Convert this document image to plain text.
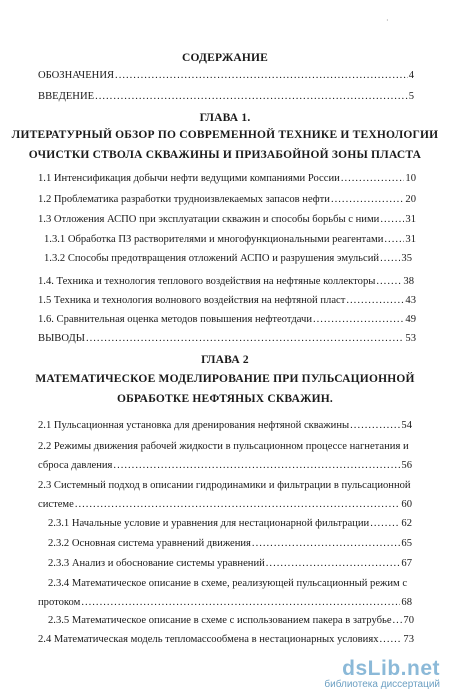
·
СОДЕРЖАНИЕ
ОБОЗНАЧЕНИЯ .....	4
ВВЕДЕНИЕ .....	5
ГЛАВА 1.
ЛИТЕРАТУРНЫЙ ОБЗОР ПО СОВРЕМЕННОЙ ТЕХНИКЕ И ТЕХНОЛОГИИ
ОЧИСТКИ СТВОЛА СКВАЖИНЫ И ПРИЗАБОЙНОЙ ЗОНЫ ПЛАСТА
1.1 Интенсификация добычи нефти ведущими компаниями России .....	10
1.2 Проблематика разработки трудноизвлекаемых запасов нефти .....	20
1.3 Отложения АСПО при эксплуатации скважин и способы борьбы с ними ..... 31
1.3.1 Обработка ПЗ растворителями и многофункциональными реагентами ..... 31
1.3.2 Способы предотвращения отложений АСПО и разрушения эмульсий ..... 35
1.4. Техника и технология теплового воздействия на нефтяные коллекторы .....	38
1.5 Техника и технология волнового воздействия на нефтяной пласт .....	43
1.6. Сравнительная оценка методов повышения нефтеотдачи .....	49
ВЫВОДЫ .....	53
ГЛАВА 2
МАТЕМАТИЧЕСКОЕ МОДЕЛИРОВАНИЕ ПРИ ПУЛЬСАЦИОННОЙ
ОБРАБОТКЕ НЕФТЯНЫХ СКВАЖИН.
2.1 Пульсационная установка для дренирования нефтяной скважины .....	54
2.2 Режимы движения рабочей жидкости в пульсационном процессе нагнетания и
сброса давления .....	56
2.3 Системный подход в описании гидродинамики и фильтрации в пульсационной
системе .....	60
2.3.1 Начальные условие и уравнения для нестационарной фильтрации .....	62
2.3.2 Основная система уравнений движения .....	65
2.3.3 Анализ и обоснование системы уравнений .....	67
2.3.4 Математическое описание в схеме, реализующей пульсационный режим с
протоком .....	68
2.3.5 Математическое описание в схеме с использованием пакера в затрубье ..... 70
2.4 Математическая модель тепломассообмена в нестационарных условиях ..... 73
dsLib.net
библиотека диссертаций
